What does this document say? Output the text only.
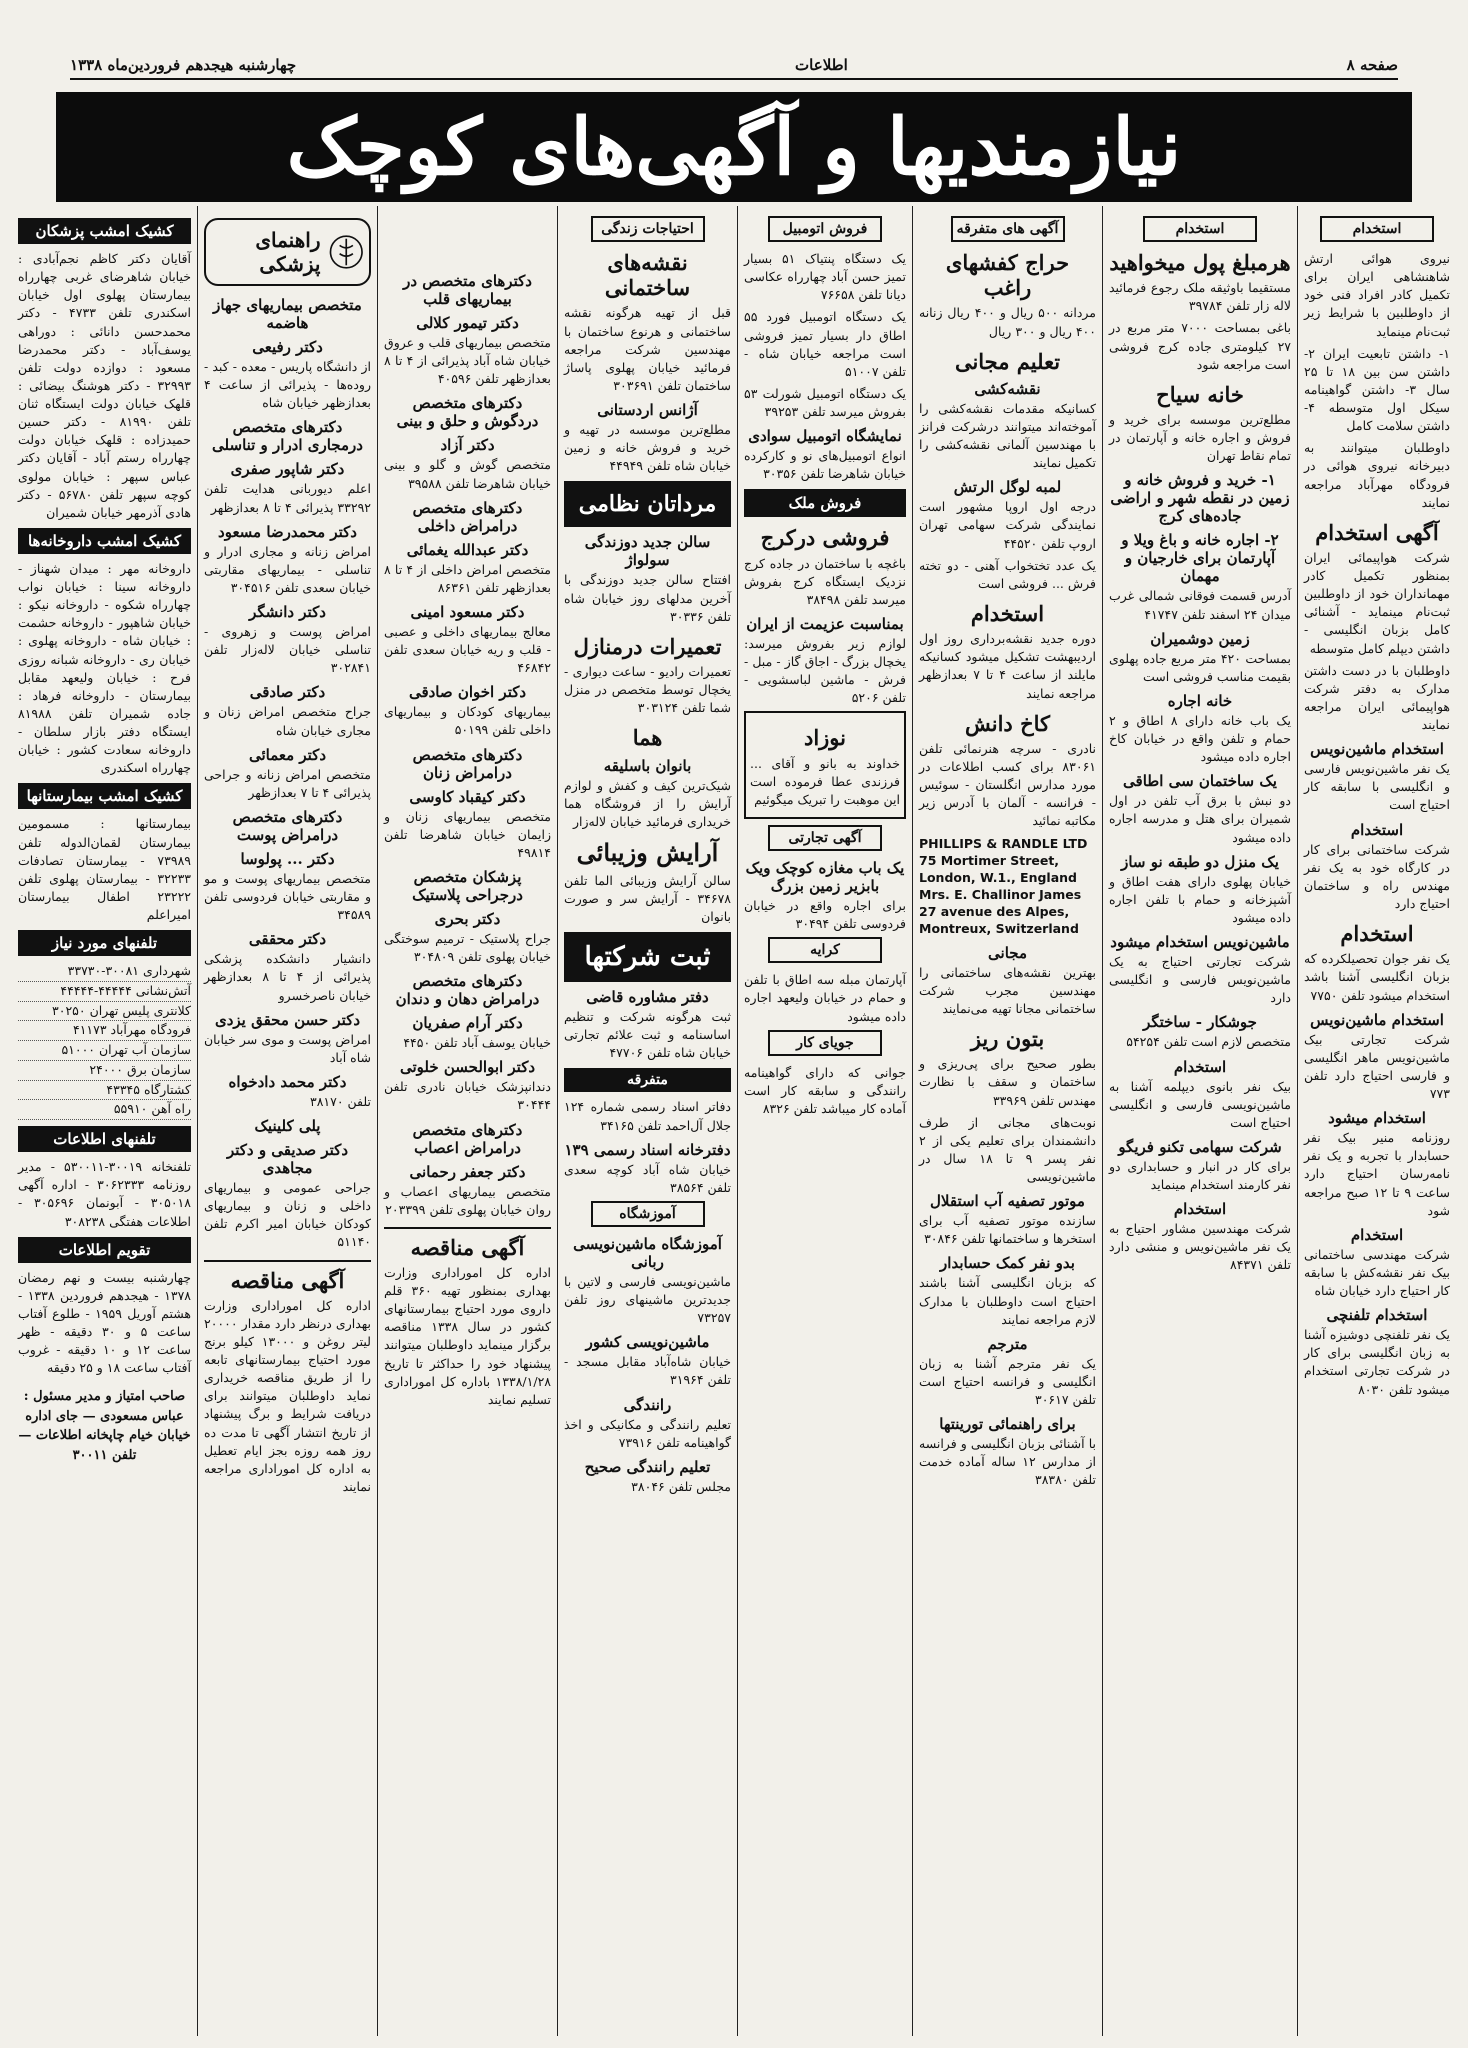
صفحه ۸
اطلاعات
چهارشنبه هیجدهم فروردین‌ماه ۱۳۳۸
نیازمندیها و آگهی‌های کوچک
استخدام

نیروی هوائی ارتش شاهنشاهی ایران برای تکمیل کادر افراد فنی خود از داوطلبین با شرایط زیر ثبت‌نام مینماید

۱- داشتن تابعیت ایران ۲- داشتن سن بین ۱۸ تا ۲۵ سال ۳- داشتن گواهینامه سیکل اول متوسطه ۴- داشتن سلامت کامل

داوطلبان میتوانند به دبیرخانه نیروی هوائی در فرودگاه مهرآباد مراجعه نمایند

آگهی استخدام

شرکت هواپیمائی ایران بمنظور تکمیل کادر مهمانداران خود از داوطلبین ثبت‌نام مینماید - آشنائی کامل بزبان انگلیسی - داشتن دیپلم کامل متوسطه

داوطلبان با در دست داشتن مدارک به دفتر شرکت هواپیمائی ایران مراجعه نمایند

استخدام ماشین‌نویس

یک نفر ماشین‌نویس فارسی و انگلیسی با سابقه کار احتیاج است

استخدام

شرکت ساختمانی برای کار در کارگاه خود به یک نفر مهندس راه و ساختمان احتیاج دارد

استخدام

یک نفر جوان تحصیلکرده که بزبان انگلیسی آشنا باشد استخدام میشود تلفن ۷۷۵۰

استخدام ماشین‌نویس

شرکت تجارتی بیک ماشین‌نویس ماهر انگلیسی و فارسی احتیاج دارد تلفن ۷۷۳

استخدام میشود

روزنامه منیر بیک نفر حسابدار با تجربه و یک نفر نامه‌رسان احتیاج دارد ساعت ۹ تا ۱۲ صبح مراجعه شود

استخدام

شرکت مهندسی ساختمانی بیک نفر نقشه‌کش با سابقه کار احتیاج دارد خیابان شاه

استخدام تلفنچی

یک نفر تلفنچی دوشیزه آشنا به زبان انگلیسی برای کار در شرکت تجارتی استخدام میشود تلفن ۸۰۳۰

استخدام
هرمبلغ پول میخواهید

مستقیما باوثیقه ملک رجوع فرمائید لاله زار تلفن ۳۹۷۸۴

باغی بمساحت ۷۰۰۰ متر مربع در ۲۷ کیلومتری جاده کرج فروشی است مراجعه شود

خانه سیاح

مطلع‌ترین موسسه برای خرید و فروش و اجاره خانه و آپارتمان در تمام نقاط تهران

۱- خرید و فروش خانه و زمین در نقطه شهر و اراضی جاده‌های کرج
۲- اجاره خانه و باغ ویلا و آپارتمان برای خارجیان و مهمان

آدرس قسمت فوقانی شمالی غرب میدان ۲۴ اسفند تلفن ۴۱۷۴۷

زمین دوشمیران

بمساحت ۴۲۰ متر مربع جاده پهلوی بقیمت مناسب فروشی است

خانه اجاره

یک باب خانه دارای ۸ اطاق و ۲ حمام و تلفن واقع در خیابان کاخ اجاره داده میشود

یک ساختمان سی اطاقی

دو نبش با برق آب تلفن در اول شمیران برای هتل و مدرسه اجاره داده میشود

یک منزل دو طبقه نو ساز

خیابان پهلوی دارای هفت اطاق و آشپزخانه و حمام با تلفن اجاره داده میشود

ماشین‌نویس استخدام میشود

شرکت تجارتی احتیاج به یک ماشین‌نویس فارسی و انگلیسی دارد

جوشکار - ساختگر

متخصص لازم است تلفن ۵۴۲۵۴

استخدام

بیک نفر بانوی دیپلمه آشنا به ماشین‌نویسی فارسی و انگلیسی احتیاج است

شرکت سهامی تکنو فریگو

برای کار در انبار و حسابداری دو نفر کارمند استخدام مینماید

استخدام

شرکت مهندسین مشاور احتیاج به یک نفر ماشین‌نویس و منشی دارد تلفن ۸۴۳۷۱

آگهی های متفرقه
حراج کفشهای راغب

مردانه ۵۰۰ ریال و ۴۰۰ ریال زنانه ۴۰۰ ریال و ۳۰۰ ریال

تعلیم مجانی
نقشه‌کشی

کسانیکه مقدمات نقشه‌کشی را آموخته‌اند میتوانند درشرکت فرانز با مهندسین آلمانی نقشه‌کشی را تکمیل نمایند

لمبه لوگل الرتش

درجه اول اروپا مشهور است نمایندگی شرکت سهامی تهران اروپ تلفن ۴۴۵۲۰

یک عدد تختخواب آهنی - دو تخته فرش ... فروشی است

استخدام

دوره جدید نقشه‌برداری روز اول اردیبهشت تشکیل میشود کسانیکه مایلند از ساعت ۴ تا ۷ بعدازظهر مراجعه نمایند

کاخ دانش

نادری - سرچه هنرنمائی تلفن ۸۳۰۶۱ برای کسب اطلاعات در مورد مدارس انگلستان - سوئیس - فرانسه - آلمان با آدرس زیر مکاتبه نمائید

PHILLIPS & RANDLE LTD
75 Mortimer Street,
London, W.1., England
Mrs. E. Challinor James
27 avenue des Alpes,
Montreux, Switzerland
مجانی

بهترین نقشه‌های ساختمانی را مهندسین مجرب شرکت ساختمانی مجانا تهیه می‌نمایند

بتون ریز

بطور صحیح برای پی‌ریزی و ساختمان و سقف با نظارت مهندس تلفن ۳۳۹۶۹

نوبت‌های مجانی از طرف دانشمندان برای تعلیم یکی از ۲ نفر پسر ۹ تا ۱۸ سال در ماشین‌نویسی

موتور تصفیه آب استقلال

سازنده موتور تصفیه آب برای استخرها و ساختمانها تلفن ۳۰۸۴۶

بدو نفر کمک حسابدار

که بزبان انگلیسی آشنا باشند احتیاج است داوطلبان با مدارک لازم مراجعه نمایند

مترجم

یک نفر مترجم آشنا به زبان انگلیسی و فرانسه احتیاج است تلفن ۳۰۶۱۷

برای راهنمائی تورینتها

با آشنائی بزبان انگلیسی و فرانسه از مدارس ۱۲ ساله آماده خدمت تلفن ۳۸۳۸۰

فروش اتومبیل

یک دستگاه پنتیاک ۵۱ بسیار تمیز حسن آباد چهارراه عکاسی دیانا تلفن ۷۶۶۵۸

یک دستگاه اتومبیل فورد ۵۵ اطاق دار بسیار تمیز فروشی است مراجعه خیابان شاه - تلفن ۵۱۰۰۷

یک دستگاه اتومبیل شورلت ۵۳ بفروش میرسد تلفن ۳۹۲۵۳

نمایشگاه اتومبیل سوادی

انواع اتومبیل‌های نو و کارکرده خیابان شاهرضا تلفن ۳۰۳۵۶

فروش ملک
فروشی درکرج

باغچه با ساختمان در جاده کرج نزدیک ایستگاه کرج بفروش میرسد تلفن ۳۸۴۹۸

بمناسبت عزیمت از ایران

لوازم زیر بفروش میرسد: یخچال بزرگ - اجاق گاز - مبل - فرش - ماشین لباسشویی - تلفن ۵۲۰۶

نوزاد

خداوند به بانو و آقای ... فرزندی عطا فرموده است این موهبت را تبریک میگوئیم

آگهی تجارتی
یک باب مغازه کوچک ویک بابزیر زمین بزرگ

برای اجاره واقع در خیابان فردوسی تلفن ۳۰۴۹۴

کرایه

آپارتمان مبله سه اطاق با تلفن و حمام در خیابان ولیعهد اجاره داده میشود

جویای کار

جوانی که دارای گواهینامه رانندگی و سابقه کار است آماده کار میباشد تلفن ۸۳۲۶

احتیاجات زندگی
نقشه‌های ساختمانی

قبل از تهیه هرگونه نقشه ساختمانی و هرنوع ساختمان با مهندسین شرکت مراجعه فرمائید خیابان پهلوی پاساژ ساختمان تلفن ۳۰۳۶۹۱

آژانس اردستانی

مطلع‌ترین موسسه در تهیه و خرید و فروش خانه و زمین خیابان شاه تلفن ۴۴۹۴۹

مرداتان نظامی
سالن جدید دوزندگی سولواژ

افتتاح سالن جدید دوزندگی با آخرین مدلهای روز خیابان شاه تلفن ۳۰۳۳۶

تعمیرات درمنازل

تعمیرات رادیو - ساعت دیواری - یخچال توسط متخصص در منزل شما تلفن ۳۰۳۱۲۴

هما
بانوان باسلیقه

شیک‌ترین کیف و کفش و لوازم آرایش را از فروشگاه هما خریداری فرمائید خیابان لاله‌زار

آرایش وزیبائی

سالن آرایش وزیبائی الما تلفن ۳۴۶۷۸ - آرایش سر و صورت بانوان

ثبت شرکتها
دفتر مشاوره قاضی

ثبت هرگونه شرکت و تنظیم اساسنامه و ثبت علائم تجارتی خیابان شاه تلفن ۴۷۷۰۶

متفرقه

دفاتر اسناد رسمی شماره ۱۲۴ جلال آل‌احمد تلفن ۳۴۱۶۵

دفترخانه اسناد رسمی ۱۳۹

خیابان شاه آباد کوچه سعدی تلفن ۳۸۵۶۴

آموزشگاه
آموزشگاه ماشین‌نویسی ربانی

ماشین‌نویسی فارسی و لاتین با جدیدترین ماشینهای روز تلفن ۷۳۲۵۷

ماشین‌نویسی کشور

خیابان شاه‌آباد مقابل مسجد - تلفن ۳۱۹۶۴

رانندگی

تعلیم رانندگی و مکانیکی و اخذ گواهینامه تلفن ۷۳۹۱۶

تعلیم رانندگی صحیح

مجلس تلفن ۳۸۰۴۶

دکترهای متخصص در بیماریهای قلب
دکتر تیمور کلالی

متخصص بیماریهای قلب و عروق خیابان شاه آباد پذیرائی از ۴ تا ۸ بعدازظهر تلفن ۴۰۵۹۶

دکترهای متخصص دردگوش و حلق و بینی
دکتر آزاد

متخصص گوش و گلو و بینی خیابان شاهرضا تلفن ۳۹۵۸۸

دکترهای متخصص درامراض داخلی
دکتر عبدالله یغمائی

متخصص امراض داخلی از ۴ تا ۸ بعدازظهر تلفن ۸۶۳۶۱

دکتر مسعود امینی

معالج بیماریهای داخلی و عصبی - قلب و ریه خیابان سعدی تلفن ۴۶۸۴۲

دکتر اخوان صادقی

بیماریهای کودکان و بیماریهای داخلی تلفن ۵۰۱۹۹

دکترهای متخصص درامراض زنان
دکتر کیقباد کاوسی

متخصص بیماریهای زنان و زایمان خیابان شاهرضا تلفن ۴۹۸۱۴

پزشکان متخصص درجراحی پلاستیک
دکتر بحری

جراح پلاستیک - ترمیم سوختگی خیابان پهلوی تلفن ۳۰۴۸۰۹

دکترهای متخصص درامراض دهان و دندان
دکتر آرام صفریان

خیابان یوسف آباد تلفن ۴۴۵۰

دکتر ابوالحسن خلوتی

دندانپزشک خیابان نادری تلفن ۳۰۴۴۴

دکترهای متخصص درامراض اعصاب
دکتر جعفر رحمانی

متخصص بیماریهای اعصاب و روان خیابان پهلوی تلفن ۲۰۳۳۹۹

آگهی مناقصه

اداره کل اموراداری وزارت بهداری بمنظور تهیه ۳۶۰ قلم داروی مورد احتیاج بیمارستانهای کشور در سال ۱۳۳۸ مناقصه برگزار مینماید داوطلبان میتوانند پیشنهاد خود را حداکثر تا تاریخ ۱۳۳۸/۱/۲۸ باداره کل اموراداری تسلیم نمایند

راهنمای پزشکی
متخصص بیماریهای جهاز هاضمه
دکتر رفیعی

از دانشگاه پاریس - معده - کبد - روده‌ها - پذیرائی از ساعت ۴ بعدازظهر خیابان شاه

دکترهای متخصص درمجاری ادرار و تناسلی
دکتر شاپور صفری

اعلم دیوربانی هدایت تلفن ۳۳۲۹۲ پذیرائی ۴ تا ۸ بعدازظهر

دکتر محمدرضا مسعود

امراض زنانه و مجاری ادرار و تناسلی - بیماریهای مقاربتی خیابان سعدی تلفن ۳۰۴۵۱۶

دکتر دانشگر

امراض پوست و زهروی - تناسلی خیابان لاله‌زار تلفن ۳۰۲۸۴۱

دکتر صادقی

جراح متخصص امراض زنان و مجاری خیابان شاه

دکتر معمائی

متخصص امراض زنانه و جراحی پذیرائی ۴ تا ۷ بعدازظهر

دکترهای متخصص درامراض پوست
دکتر ... پولوسا

متخصص بیماریهای پوست و مو و مقاربتی خیابان فردوسی تلفن ۳۴۵۸۹

دکتر محققی

دانشیار دانشکده پزشکی پذیرائی از ۴ تا ۸ بعدازظهر خیابان ناصرخسرو

دکتر حسن محقق یزدی

امراض پوست و موی سر خیابان شاه آباد

دکتر محمد دادخواه

تلفن ۳۸۱۷۰

پلی کلینیک
دکتر صدیقی و دکتر مجاهدی

جراحی عمومی و بیماریهای داخلی و زنان و بیماریهای کودکان خیابان امیر اکرم تلفن ۵۱۱۴۰

آگهی مناقصه

اداره کل اموراداری وزارت بهداری درنظر دارد مقدار ۲۰۰۰۰ لیتر روغن و ۱۳۰۰۰ کیلو برنج مورد احتیاج بیمارستانهای تابعه را از طریق مناقصه خریداری نماید داوطلبان میتوانند برای دریافت شرایط و برگ پیشنهاد از تاریخ انتشار آگهی تا مدت ده روز همه روزه بجز ایام تعطیل به اداره کل اموراداری مراجعه نمایند

کشیک امشب پزشکان

آقایان دکتر کاظم نجم‌آبادی : خیابان شاهرضای غربی چهارراه بیمارستان پهلوی اول خیابان اسکندری تلفن ۴۷۳۳ - دکتر محمدحسن دانائی : دوراهی یوسف‌آباد - دکتر محمدرضا مسعود : دوازده دولت تلفن ۳۲۹۹۳ - دکتر هوشنگ بیضائی : قلهک خیابان دولت ایستگاه ثنان تلفن ۸۱۹۹۰ - دکتر حسین حمیدزاده : قلهک خیابان دولت چهارراه رستم آباد - آقایان دکتر عباس سپهر : خیابان مولوی کوچه سپهر تلفن ۵۶۷۸۰ - دکتر هادی آذرمهر خیابان شمیران

کشیک امشب داروخانه‌ها

داروخانه مهر : میدان شهناز - داروخانه سینا : خیابان نواب چهارراه شکوه - داروخانه نیکو : خیابان شاهپور - داروخانه حشمت : خیابان شاه - داروخانه پهلوی : خیابان ری - داروخانه شبانه روزی فرح : خیابان ولیعهد مقابل بیمارستان - داروخانه فرهاد : جاده شمیران تلفن ۸۱۹۸۸ ایستگاه دفتر بازار سلطان - داروخانه سعادت کشور : خیابان چهارراه اسکندری

کشیک امشب بیمارستانها

بیمارستانها : مسمومین بیمارستان لقمان‌الدوله تلفن ۷۳۹۸۹ - بیمارستان تصادفات ۳۲۲۳۳ - بیمارستان پهلوی تلفن ۲۳۲۲۲ اطفال بیمارستان امیراعلم

تلفنهای مورد نیاز
شهرداری ۳۰۰۸۱-۳۳۷۳۰
آتش‌نشانی ۴۴۴۴۴-۴۴۴۴۴
کلانتری پلیس تهران ۳۰۲۵۰
فرودگاه مهرآباد ۴۱۱۷۳
سازمان آب تهران ۵۱۰۰۰
سازمان برق ۲۴۰۰۰
کشتارگاه ۴۳۳۴۵
راه آهن ۵۵۹۱۰
تلفنهای اطلاعات

تلفنخانه ۳۰۰۱۹-۵۳۰۰۱۱ - مدیر روزنامه ۳۰۶۲۳۳۳ - اداره آگهی ۳۰۵۰۱۸ - آبونمان ۳۰۵۶۹۶ - اطلاعات هفتگی ۳۰۸۲۳۸

تقویم اطلاعات

چهارشنبه بیست و نهم رمضان ۱۳۷۸ - هیجدهم فروردین ۱۳۳۸ - هشتم آوریل ۱۹۵۹ - طلوع آفتاب ساعت ۵ و ۳۰ دقیقه - ظهر ساعت ۱۲ و ۱۰ دقیقه - غروب آفتاب ساعت ۱۸ و ۲۵ دقیقه

صاحب امتیاز و مدیر مسئول : عباس مسعودی — جای اداره خیابان خیام چاپخانه اطلاعات — تلفن ۳۰۰۱۱
